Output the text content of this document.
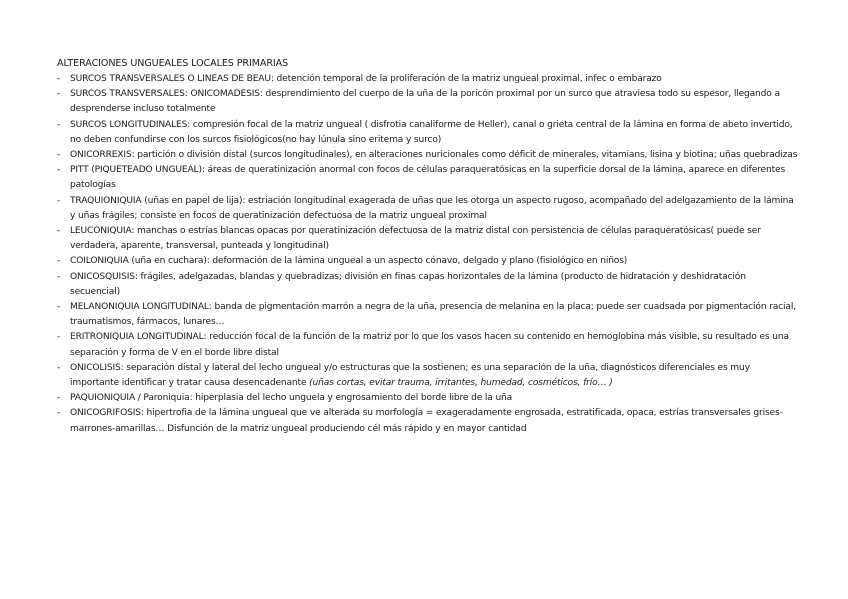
ALTERACIONES UNGUEALES LOCALES PRIMARIAS

- SURCOS TRANSVERSALES O LINEAS DE BEAU: detención temporal de la proliferación de la matriz ungueal proximal, infec o embarazo
- SURCOS TRANSVERSALES: ONICOMADESIS: desprendimiento del cuerpo de la uña de la poricón proximal por un surco que atraviesa todo su espesor, llegando a desprenderse incluso totalmente
- SURCOS LONGITUDINALES: compresión focal de la matriz ungueal ( disfrotia canaliforme de Heller), canal o grieta central de la lámina en forma de abeto invertido, no deben confundirse con los surcos fisiológicos(no hay lúnula sino eritema y surco)
- ONICORREXIS: partición o división distal (surcos longitudinales), en alteraciones nuricionales como déficit de minerales, vitamians, lisina y biotina; uñas quebradizas
- PITT (PIQUETEADO UNGUEAL): áreas de queratinización anormal con focos de células paraqueratósicas en la superficie dorsal de la lámina, aparece en diferentes patologías
- TRAQUIONIQUIA (uñas en papel de lija): estriación longitudinal exagerada de uñas que les otorga un aspecto rugoso, acompañado del adelgazamiento de la lámina y uñas frágiles; consiste en focos de queratinización defectuosa de la matriz ungueal proximal
- LEUCONIQUIA: manchas o estrías blancas opacas por queratinización defectuosa de la matriz distal con persistencia de células paraqueratósicas( puede ser verdadera, aparente, transversal, punteada y longitudinal)
- COILONIQUIA (uña en cuchara): deformación de la lámina ungueal a un aspecto cónavo, delgado y plano (fisiológico en niños)
- ONICOSQUISIS: frágiles, adelgazadas, blandas y quebradizas; división en finas capas horizontales de la lámina (producto de hidratación y deshidratación secuencial)
- MELANONIQUIA LONGITUDINAL: banda de pigmentación marrón a negra de la uña, presencia de melanina en la placa; puede ser cuadsada por pigmentación racial, traumatismos, fármacos, lunares…
- ERITRONIQUIA LONGITUDINAL: reducción focal de la función de la matriz por lo que los vasos hacen su contenido en hemoglobina más visible, su resultado es una separación y forma de V en el borde libre distal
- ONICOLISIS: separación distal y lateral del lecho ungueal y/o estructuras que la sostienen; es una separación de la uña, diagnósticos diferenciales es muy importante identificar y tratar causa desencadenante (uñas cortas, evitar trauma, irritantes, humedad, cosméticos, frío… )
- PAQUIONIQUIA / Paroniquia: hiperplasia del lecho unguela y engrosamiento del borde libre de la uña
- ONICOGRIFOSIS: hipertrofia de la lámina ungueal que ve alterada su morfología = exageradamente engrosada, estratificada, opaca, estrías transversales grises-marrones-amarillas… Disfunción de la matriz ungueal produciendo cél más rápido y en mayor cantidad
